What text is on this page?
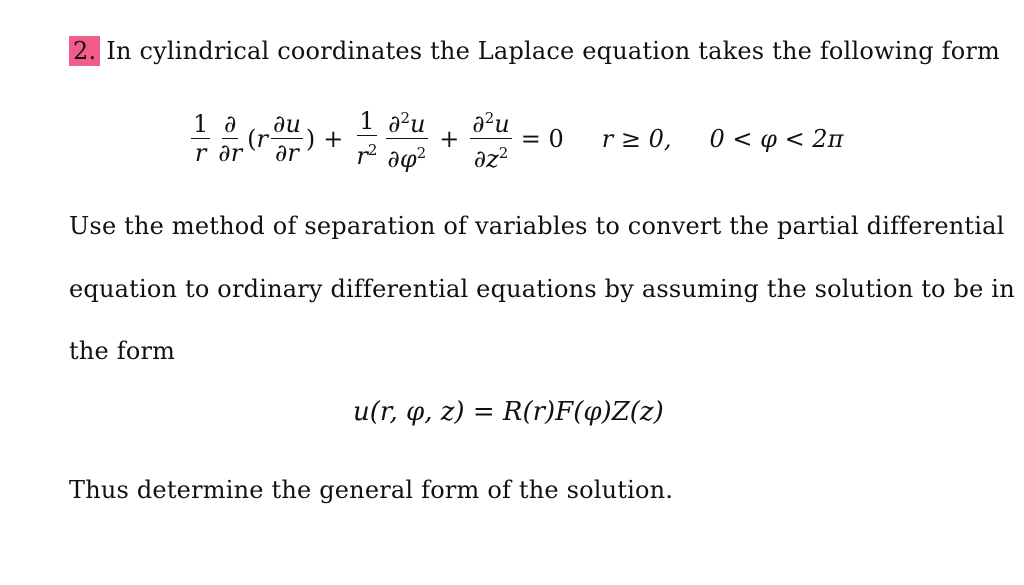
2. In cylindrical coordinates the Laplace equation takes the following form
$\frac{1}{r} \frac{\partial}{\partial r}$ ( r $\frac{\partial u}{\partial r}$ ) + $\frac{1}{r^2} \frac{\partial^2u}{\partial\varphi^2} + \frac{\partial^2u}{\partial z^2} = 0$ r ≥ 0, 0 < φ < 2π
Use the method of separation of variables to convert the partial differential
equation to ordinary differential equations by assuming the solution to be in
the form
u(r, φ, z) = R(r)F(φ)Z(z)
Thus determine the general form of the solution.
